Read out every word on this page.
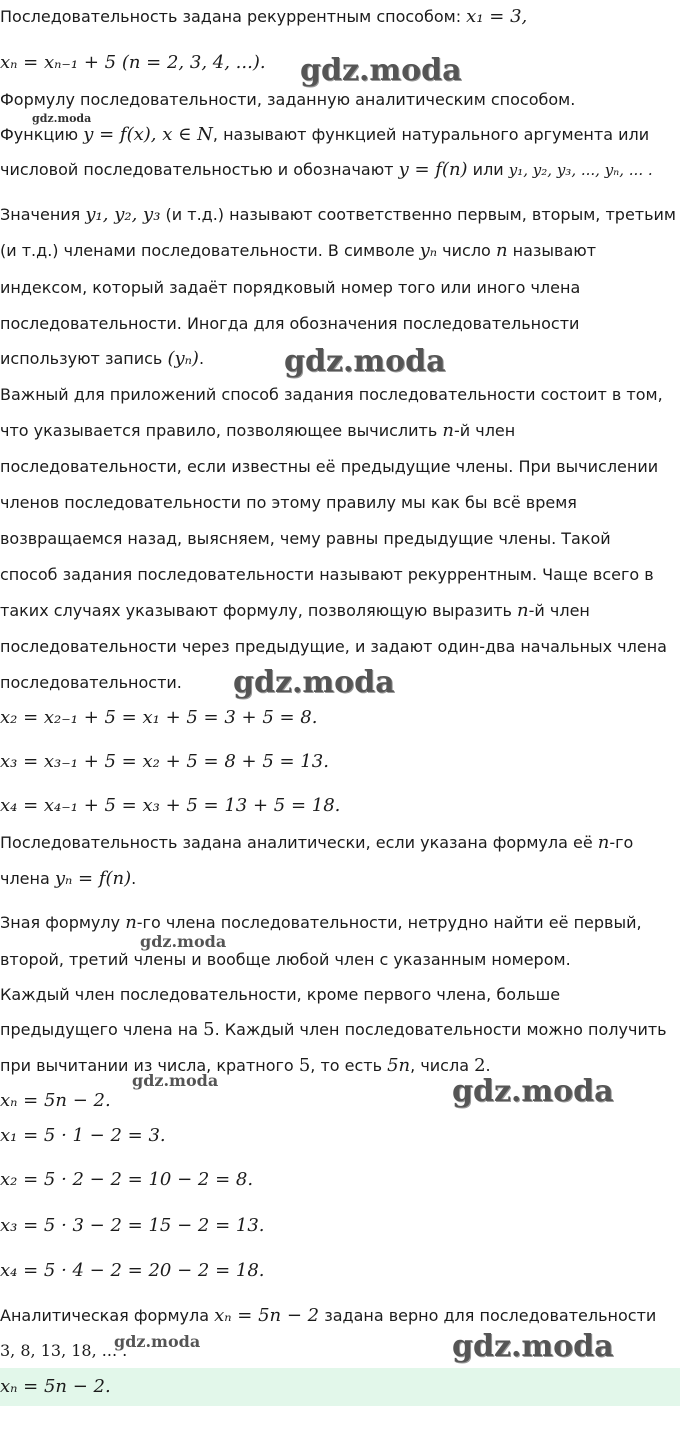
Последовательность задана рекуррентным способом: x₁ = 3,
xₙ = xₙ₋₁ + 5 (n = 2, 3, 4, ...).
Формулу последовательности, заданную аналитическим способом.
Функцию y = f(x), x ∈ N, называют функцией натурального аргумента или
числовой последовательностью и обозначают y = f(n) или y₁, y₂, y₃, ..., yₙ, ... .
Значения y₁, y₂, y₃ (и т.д.) называют соответственно первым, вторым, третьим
(и т.д.) членами последовательности. В символе yₙ число n называют
индексом, который задаёт порядковый номер того или иного члена
последовательности. Иногда для обозначения последовательности
используют запись (yₙ).
Важный для приложений способ задания последовательности состоит в том,
что указывается правило, позволяющее вычислить n-й член
последовательности, если известны её предыдущие члены. При вычислении
членов последовательности по этому правилу мы как бы всё время
возвращаемся назад, выясняем, чему равны предыдущие члены. Такой
способ задания последовательности называют рекуррентным. Чаще всего в
таких случаях указывают формулу, позволяющую выразить n-й член
последовательности через предыдущие, и задают один-два начальных члена
последовательности.
x₂ = x₂₋₁ + 5 = x₁ + 5 = 3 + 5 = 8.
x₃ = x₃₋₁ + 5 = x₂ + 5 = 8 + 5 = 13.
x₄ = x₄₋₁ + 5 = x₃ + 5 = 13 + 5 = 18.
Последовательность задана аналитически, если указана формула её n-го
члена yₙ = f(n).
Зная формулу n-го члена последовательности, нетрудно найти её первый,
второй, третий члены и вообще любой член с указанным номером.
Каждый член последовательности, кроме первого члена, больше
предыдущего члена на 5. Каждый член последовательности можно получить
при вычитании из числа, кратного 5, то есть 5n, числа 2.
xₙ = 5n − 2.
x₁ = 5 · 1 − 2 = 3.
x₂ = 5 · 2 − 2 = 10 − 2 = 8.
x₃ = 5 · 3 − 2 = 15 − 2 = 13.
x₄ = 5 · 4 − 2 = 20 − 2 = 18.
Аналитическая формула xₙ = 5n − 2 задана верно для последовательности
3, 8, 13, 18, ... .
xₙ = 5n − 2.
gdz.moda
gdz.moda
gdz.moda
gdz.moda
gdz.moda
gdz.moda	gdz.moda
gdz.moda	gdz.moda
